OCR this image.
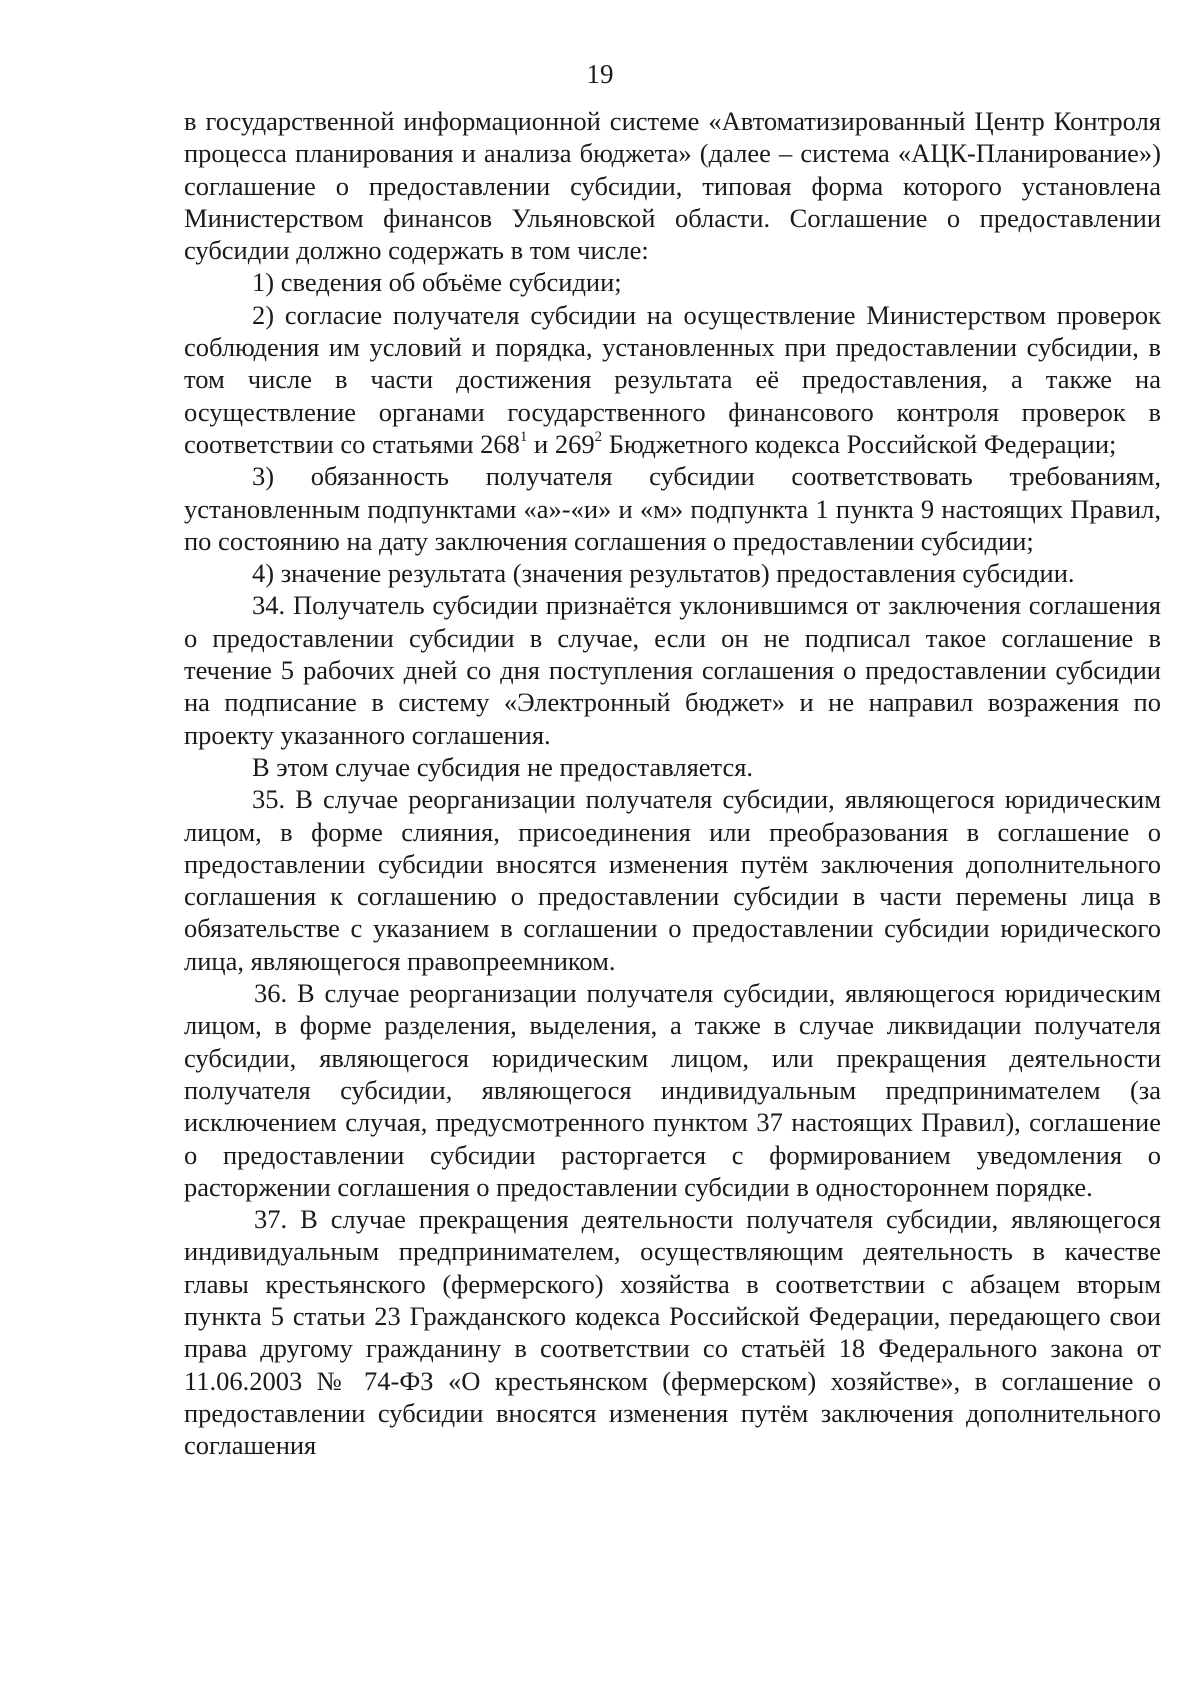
19

в государственной информационной системе «Автоматизированный Центр Контроля процесса планирования и анализа бюджета» (далее – система «АЦК-Планирование») соглашение о предоставлении субсидии, типовая форма которого установлена Министерством финансов Ульяновской области. Соглашение о предоставлении субсидии должно содержать в том числе:

1) сведения об объёме субсидии;

2) согласие получателя субсидии на осуществление Министерством проверок соблюдения им условий и порядка, установленных при предоставлении субсидии, в том числе в части достижения результата её предоставления, а также на осуществление органами государственного финансового контроля проверок в соответствии со статьями $268^1$ и $269^2$ Бюджетного кодекса Российской Федерации;

3) обязанность получателя субсидии соответствовать требованиям, установленным подпунктами «а»-«и» и «м» подпункта 1 пункта 9 настоящих Правил, по состоянию на дату заключения соглашения о предоставлении субсидии;

4) значение результата (значения результатов) предоставления субсидии.

34. Получатель субсидии признаётся уклонившимся от заключения соглашения о предоставлении субсидии в случае, если он не подписал такое соглашение в течение 5 рабочих дней со дня поступления соглашения о предоставлении субсидии на подписание в систему «Электронный бюджет» и не направил возражения по проекту указанного соглашения.

В этом случае субсидия не предоставляется.

35. В случае реорганизации получателя субсидии, являющегося юридическим лицом, в форме слияния, присоединения или преобразования в соглашение о предоставлении субсидии вносятся изменения путём заключения дополнительного соглашения к соглашению о предоставлении субсидии в части перемены лица в обязательстве с указанием в соглашении о предоставлении субсидии юридического лица, являющегося правопреемником.

36. В случае реорганизации получателя субсидии, являющегося юридическим лицом, в форме разделения, выделения, а также в случае ликвидации получателя субсидии, являющегося юридическим лицом, или прекращения деятельности получателя субсидии, являющегося индивидуальным предпринимателем (за исключением случая, предусмотренного пунктом 37 настоящих Правил), соглашение о предоставлении субсидии расторгается с формированием уведомления о расторжении соглашения о предоставлении субсидии в одностороннем порядке.

37. В случае прекращения деятельности получателя субсидии, являющегося индивидуальным предпринимателем, осуществляющим деятельность в качестве главы крестьянского (фермерского) хозяйства в соответствии с абзацем вторым пункта 5 статьи 23 Гражданского кодекса Российской Федерации, передающего свои права другому гражданину в соответствии со статьёй 18 Федерального закона от 11.06.2003 № 74-ФЗ «О крестьянском (фермерском) хозяйстве», в соглашение о предоставлении субсидии вносятся изменения путём заключения дополнительного соглашения
